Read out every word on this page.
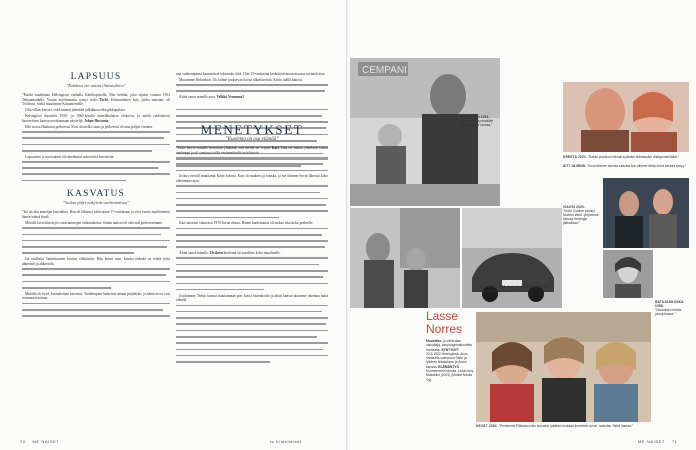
LAPSUUS
”Rohkeus vie uusiin tilaisuuksiin”

”Puolin maalinnan Helsingissä vanhalla Kätilöopistolla. Elin tiettäni, joka sijaitsi vuonna 1952 Tehtaankadulla. Vuotta myöhemmin syntyi sisko Terhi. Ensimmäinen koti, jonka muistan, oli Töölössä. Sieltä muutimme Kaisaniemelle.

Olin vilkas kievari, enkä taianut jäänittää julkikinoa eikä pikkupuksia.

Helsingissä ilmastiin 1950- ja 1960-luvulla amerikkalaisia elokuvia, ja meitä ruhkaisevat kavereitteni kanssa nuorkuunaan näytteljä, Johan Hustonia

Elin isossa Hautunut perheessä. Koti oli melko suuri ja perheessä oli aina paljon vieraita.

Lapsuuteni ja nuoruuteni oli rakentunut uskovaisia kerroksiin.

KASVATUS
”Sodan jäljet näkyivät vanhemmissa”

”Isä oli alta armeijan kasvattina. Hän oli lähtenyt talvisotaan 17-vuotiaana, ja viisi vuotta myöhemmin hänen isänsä kuoli.

Minulle kerrottiin myös sotavammojen vaikutuksista. Sodan muisto eli vahvasti perheessämme.

Isä osallistui Tammisaaren koulun vihkiäisiin. Hän kertoi aina, kuinka tärkeää on tehdä työtä ahkerasti ja ahkeroida.

Minulla oli hyvä, kurinalainen kasvatus. Vanhempani halusivat minun pärjäävän, ja nämä arvot ovat seuranneet minua.

mat vanhempansa kannustivat tekemään töitä. Olin 13-vuotiaana kesätöissä muun muassa ravintoloissa.

Muutimme Helsinkiin. Oli kolme juoksevaa iloista ulkoilureittiä. Kävin täällä lukiota.

Äitini sanoi minulle aina: Velkkö Vennamo?

MENETYKSET
”Kuolema on osa elämää”

”Sisko kerroi minulle kerrottiin yhtäkkiä, että meillä on veljeni Kari. Hän oli minua yhdeksän vuotta vanhempi ja oli syntynyt isälle ensimmäiseltä avioliitosta.

Joskus vieraili muuttanut Karin kotona. Kari oli mukava ja hauska, ja me olimme hyvin läheisiä koko elämämme ajan.

Kari sairastui vakavasti 1970-luvun alussa. Hänen kuolemansa oli raskas isku koko perheelle.

Äitini sanoi minulle: Elviksen kuolema oli surullista koko maailmalle.

Jouduimme Terhin kanssa muuttamaan pois kotoa lastenkotiin ja äitini kanssa aloimme rakentaa uutta elämää.

70 ME NAISET	is.fi/menaiset
CEMPANI
HIPHTIKSSI 1951.
”Ansa äsmi Hyvinkäälle puseulle isäni kanssa.”
KREETA 2021. ”Rakas puolisoni Nikolai sylissäni elämässäni viisikymmentäikä.”
ÄITI JA MINÄ. ”Kuva tieenee ainesta sadusta kun olimme ääriyi Anna kanssa sretyy.”
VIAOSI 2020.
”Kevin Costner esiintyi Modern West -yhtyeensä kanssa Helsingin jäähallissa.”
HELSINKI 1956. ”Isäni Kosti kanssa oletamme vähempi vuoden aikana.”
RATAJANKOSKA 1958.
”Odutuksen kelolla joulujuhlassa.”
Lasse
Norres
Muusikko, jo vähä-alan vaikuttaja, kaupunginvaltuutettu Vantaalla. SYNTYNYT 22.6.1952 Helsingissä. Asuu Vantaalla vaimonsa Sarin ja tyttären Nikolaksen ja Annin kanssa. ELÄMÄNTYÖ Kuumenneen ideoita. Uusin levy Muistellut (2021) (Mollee Media Oy).
KEVÄT 2004. ”Perheenne Riikkaan kiirin suvussa, tyttäreni mukaan ihmettelin Annin, tarkoitan Tatiini kanssa.”
ME NAISET 71
